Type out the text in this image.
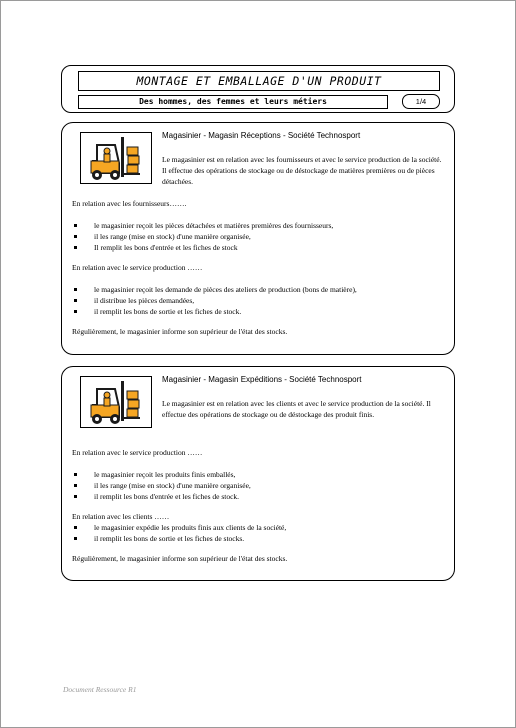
MONTAGE ET EMBALLAGE D'UN PRODUIT
Des hommes, des femmes et leurs métiers	1/4
Magasinier - Magasin Réceptions - Société Technosport
Le magasinier est en relation avec les fournisseurs et avec le service production de la société. Il effectue des opérations de stockage ou de déstockage de matières premières ou de pièces détachées.

En relation avec les fournisseurs…….

le magasinier reçoit les pièces détachées et matières premières des fournisseurs,
il les range (mise en stock) d'une manière organisée,
Il remplit les bons d'entrée et les fiches de stock

En relation avec le service production ……

le magasinier reçoit les demande de pièces des ateliers de production (bons de matière),
il distribue les pièces demandées,
il remplit les bons de sortie et les fiches de stock.

Régulièrement, le magasinier informe son supérieur de l'état des stocks.

Magasinier - Magasin Expéditions - Société Technosport
Le magasinier est en relation avec les clients et avec le service production de la société. Il effectue des opérations de stockage ou de déstockage des produit finis.

En relation avec le service production ……

le magasinier reçoit les produits finis emballés,
il les range (mise en stock) d'une manière organisée,
il remplit les bons d'entrée et les fiches de stock.

En relation avec les clients ……

le magasinier expédie les produits finis aux clients de la société,
il remplit les bons de sortie et les fiches de stocks.

Régulièrement, le magasinier informe son supérieur de l'état des stocks.

Document Ressource R1
